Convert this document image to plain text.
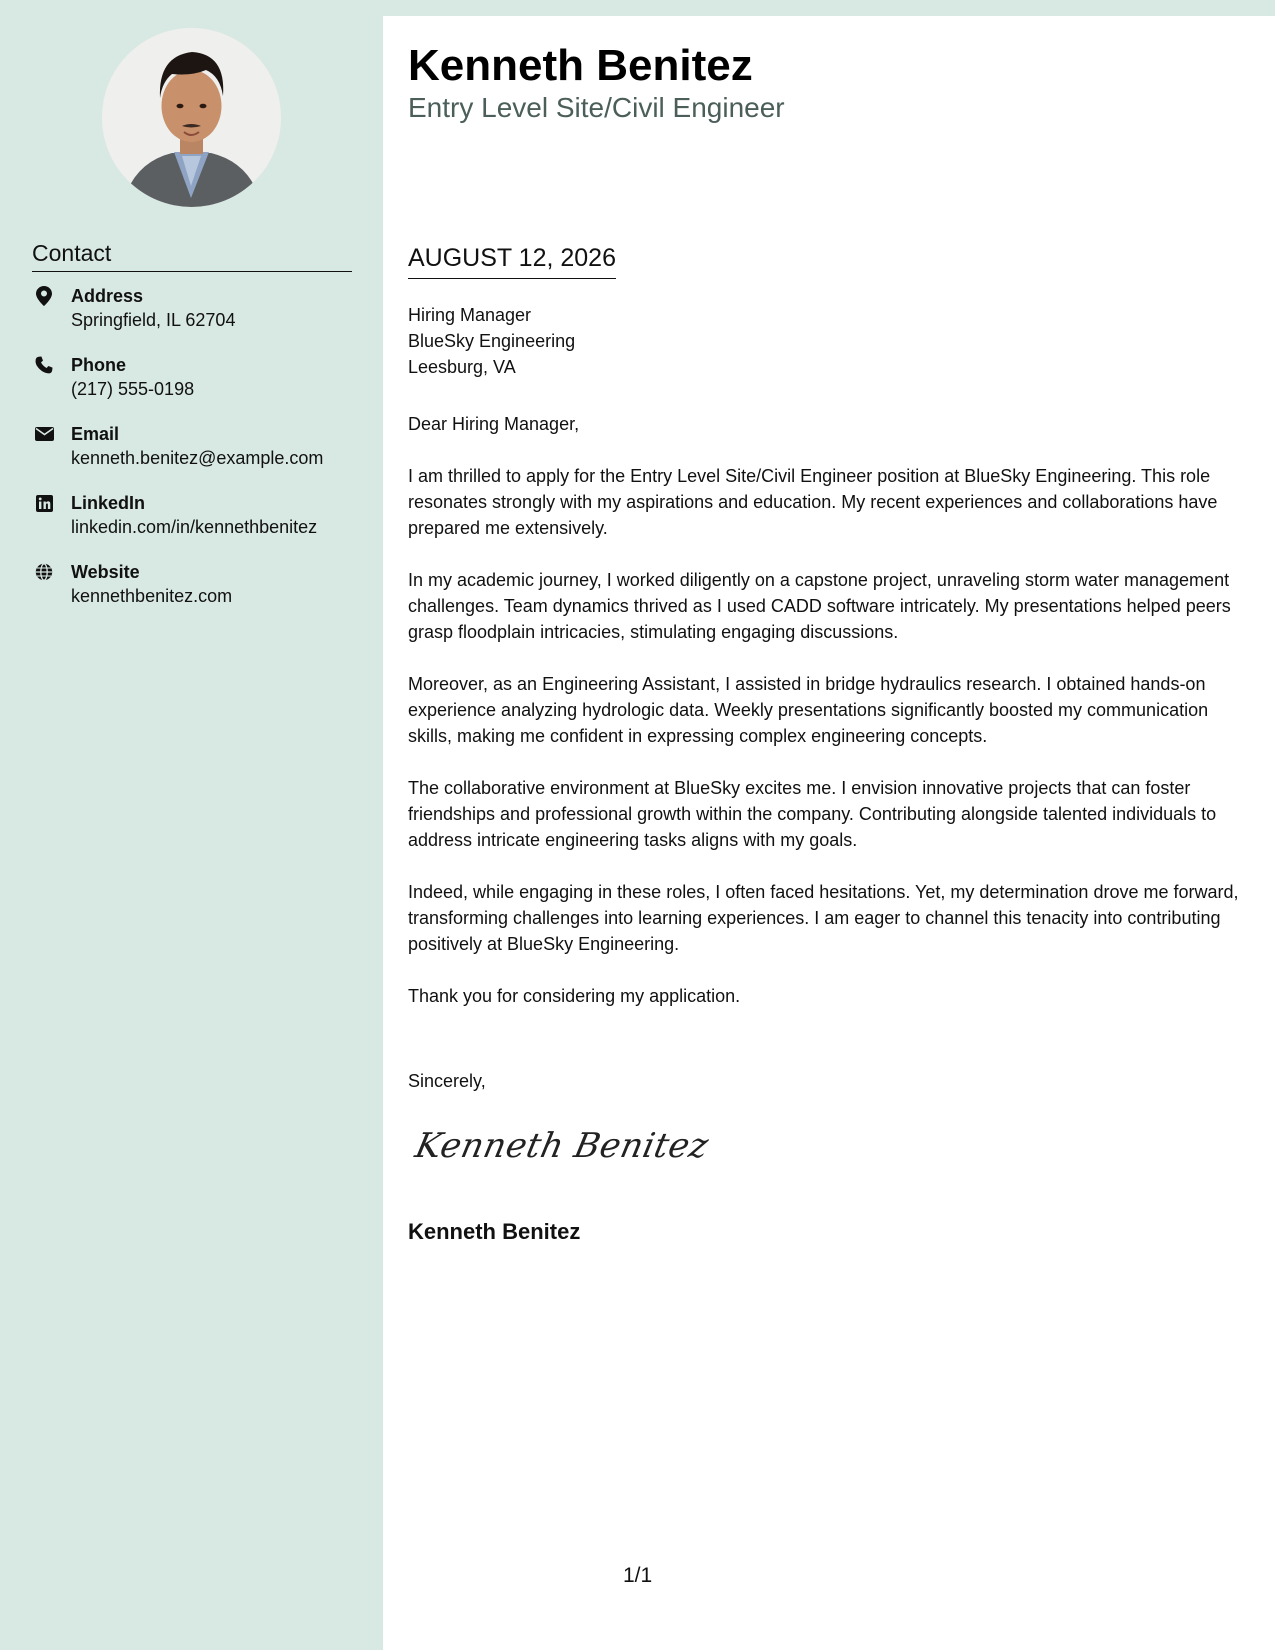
Contact
Address
Springfield, IL 62704
Phone
(217) 555-0198
Email
kenneth.benitez@example.com
LinkedIn
linkedin.com/in/kennethbenitez
Website
kennethbenitez.com
Kenneth Benitez
Entry Level Site/Civil Engineer
AUGUST 12, 2026
Hiring Manager
BlueSky Engineering
Leesburg, VA

Dear Hiring Manager,

I am thrilled to apply for the Entry Level Site/Civil Engineer position at BlueSky Engineering. This role resonates strongly with my aspirations and education. My recent experiences and collaborations have prepared me extensively.

In my academic journey, I worked diligently on a capstone project, unraveling storm water management challenges. Team dynamics thrived as I used CADD software intricately. My presentations helped peers grasp floodplain intricacies, stimulating engaging discussions.

Moreover, as an Engineering Assistant, I assisted in bridge hydraulics research. I obtained hands-on experience analyzing hydrologic data. Weekly presentations significantly boosted my communication skills, making me confident in expressing complex engineering concepts.

The collaborative environment at BlueSky excites me. I envision innovative projects that can foster friendships and professional growth within the company. Contributing alongside talented individuals to address intricate engineering tasks aligns with my goals.

Indeed, while engaging in these roles, I often faced hesitations. Yet, my determination drove me forward, transforming challenges into learning experiences. I am eager to channel this tenacity into contributing positively at BlueSky Engineering.

Thank you for considering my application.

Sincerely,
Kenneth Benitez
Kenneth Benitez
1/1
